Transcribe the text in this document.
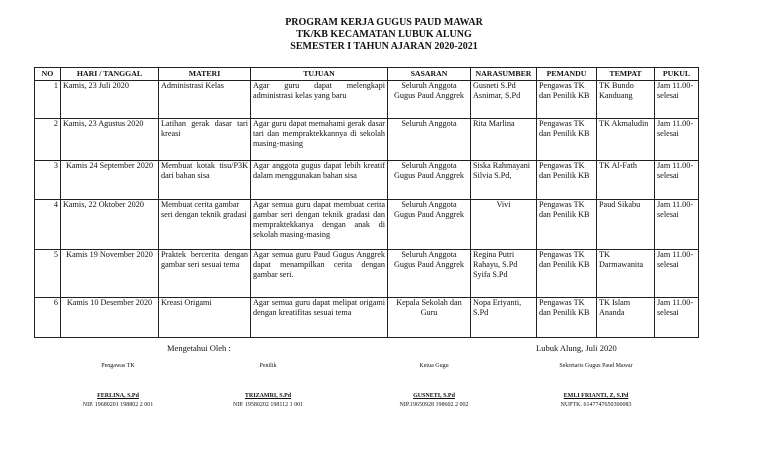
PROGRAM KERJA GUGUS PAUD MAWAR
TK/KB KECAMATAN LUBUK ALUNG
SEMESTER I TAHUN AJARAN 2020-2021
NO	HARI / TANGGAL	MATERI	TUJUAN	SASARAN	NARASUMBER	PEMANDU	TEMPAT	PUKUL
1	Kamis, 23 Juli 2020	Administrasi Kelas	Agar guru dapat melengkapi administrasi kelas yang baru	Seluruh Anggota Gugus Paud Anggrek	Gusneti S.Pd Asnimar, S.Pd	Pengawas TK dan Penilik KB	TK Bundo Kanduang	Jam 11.00-selesai
2	Kamis, 23 Agustus 2020	Latihan gerak dasar tari kreasi	Agar guru dapat memahami gerak dasar tari dan mempraktekkannya di sekolah masing-masing	Seluruh Anggota	Rita Marlina	Pengawas TK dan Penilik KB	TK Akmaludin	Jam 11.00-selesai
3	Kamis 24 September 2020	Membuat kotak tisu/P3K dari bahan sisa	Agar anggota gugus dapat lebih kreatif dalam menggunakan bahan sisa	Seluruh Anggota Gugus Paud Anggrek	Siska Rahmayani Silvia S.Pd,	Pengawas TK dan Penilik KB	TK Al-Fath	Jam 11.00-selesai
4	Kamis, 22 Oktober 2020	Membuat cerita gambar seri dengan teknik gradasi	Agar semua guru dapat membuat cerita gambar seri dengan teknik gradasi dan mempraktekkanya dengan anak di sekolah masing-masing	Seluruh Anggota Gugus Paud Anggrek	Vivi	Pengawas TK dan Penilik KB	Paud Sikabu	Jam 11.00-selesai
5	Kamis 19 November 2020	Praktek bercerita dengan gambar seri sesuai tema	Agar semua guru Paud Gugus Anggrek dapat menampilkan cerita dengan gambar seri.	Seluruh Anggota Gugus Paud Anggrek	Regina Putri Rahayu, S.Pd Syifa S.Pd	Pengawas TK dan Penilik KB	TK Darmawanita	Jam 11.00-selesai
6	Kamis 10 Desember 2020	Kreasi Origami	Agar semua guru dapat melipat origami dengan kreatifitas sesuai tema	Kepala Sekolah dan Guru	Nopa Eriyanti, S.Pd	Pengawas TK dan Penilik KB	TK Islam Ananda	Jam 11.00-selesai
Mengetahui Oleh :	Lubuk Alung, Juli 2020
Pengawas TK
FERLINA, S.Pd
NIP. 19680201 198802 2 001
Penilik
TRIZAMRI, S.Pd
NIP. 19580202 198112 1 001
Ketua Gugu
GUSNETI, S.Pd
NIP.19650928 198602 2 002
Sekretaris Gugus Paud Mawar
EMLI FRIANTI, Z, S.Pd
NUPTK. 6147747650300083
